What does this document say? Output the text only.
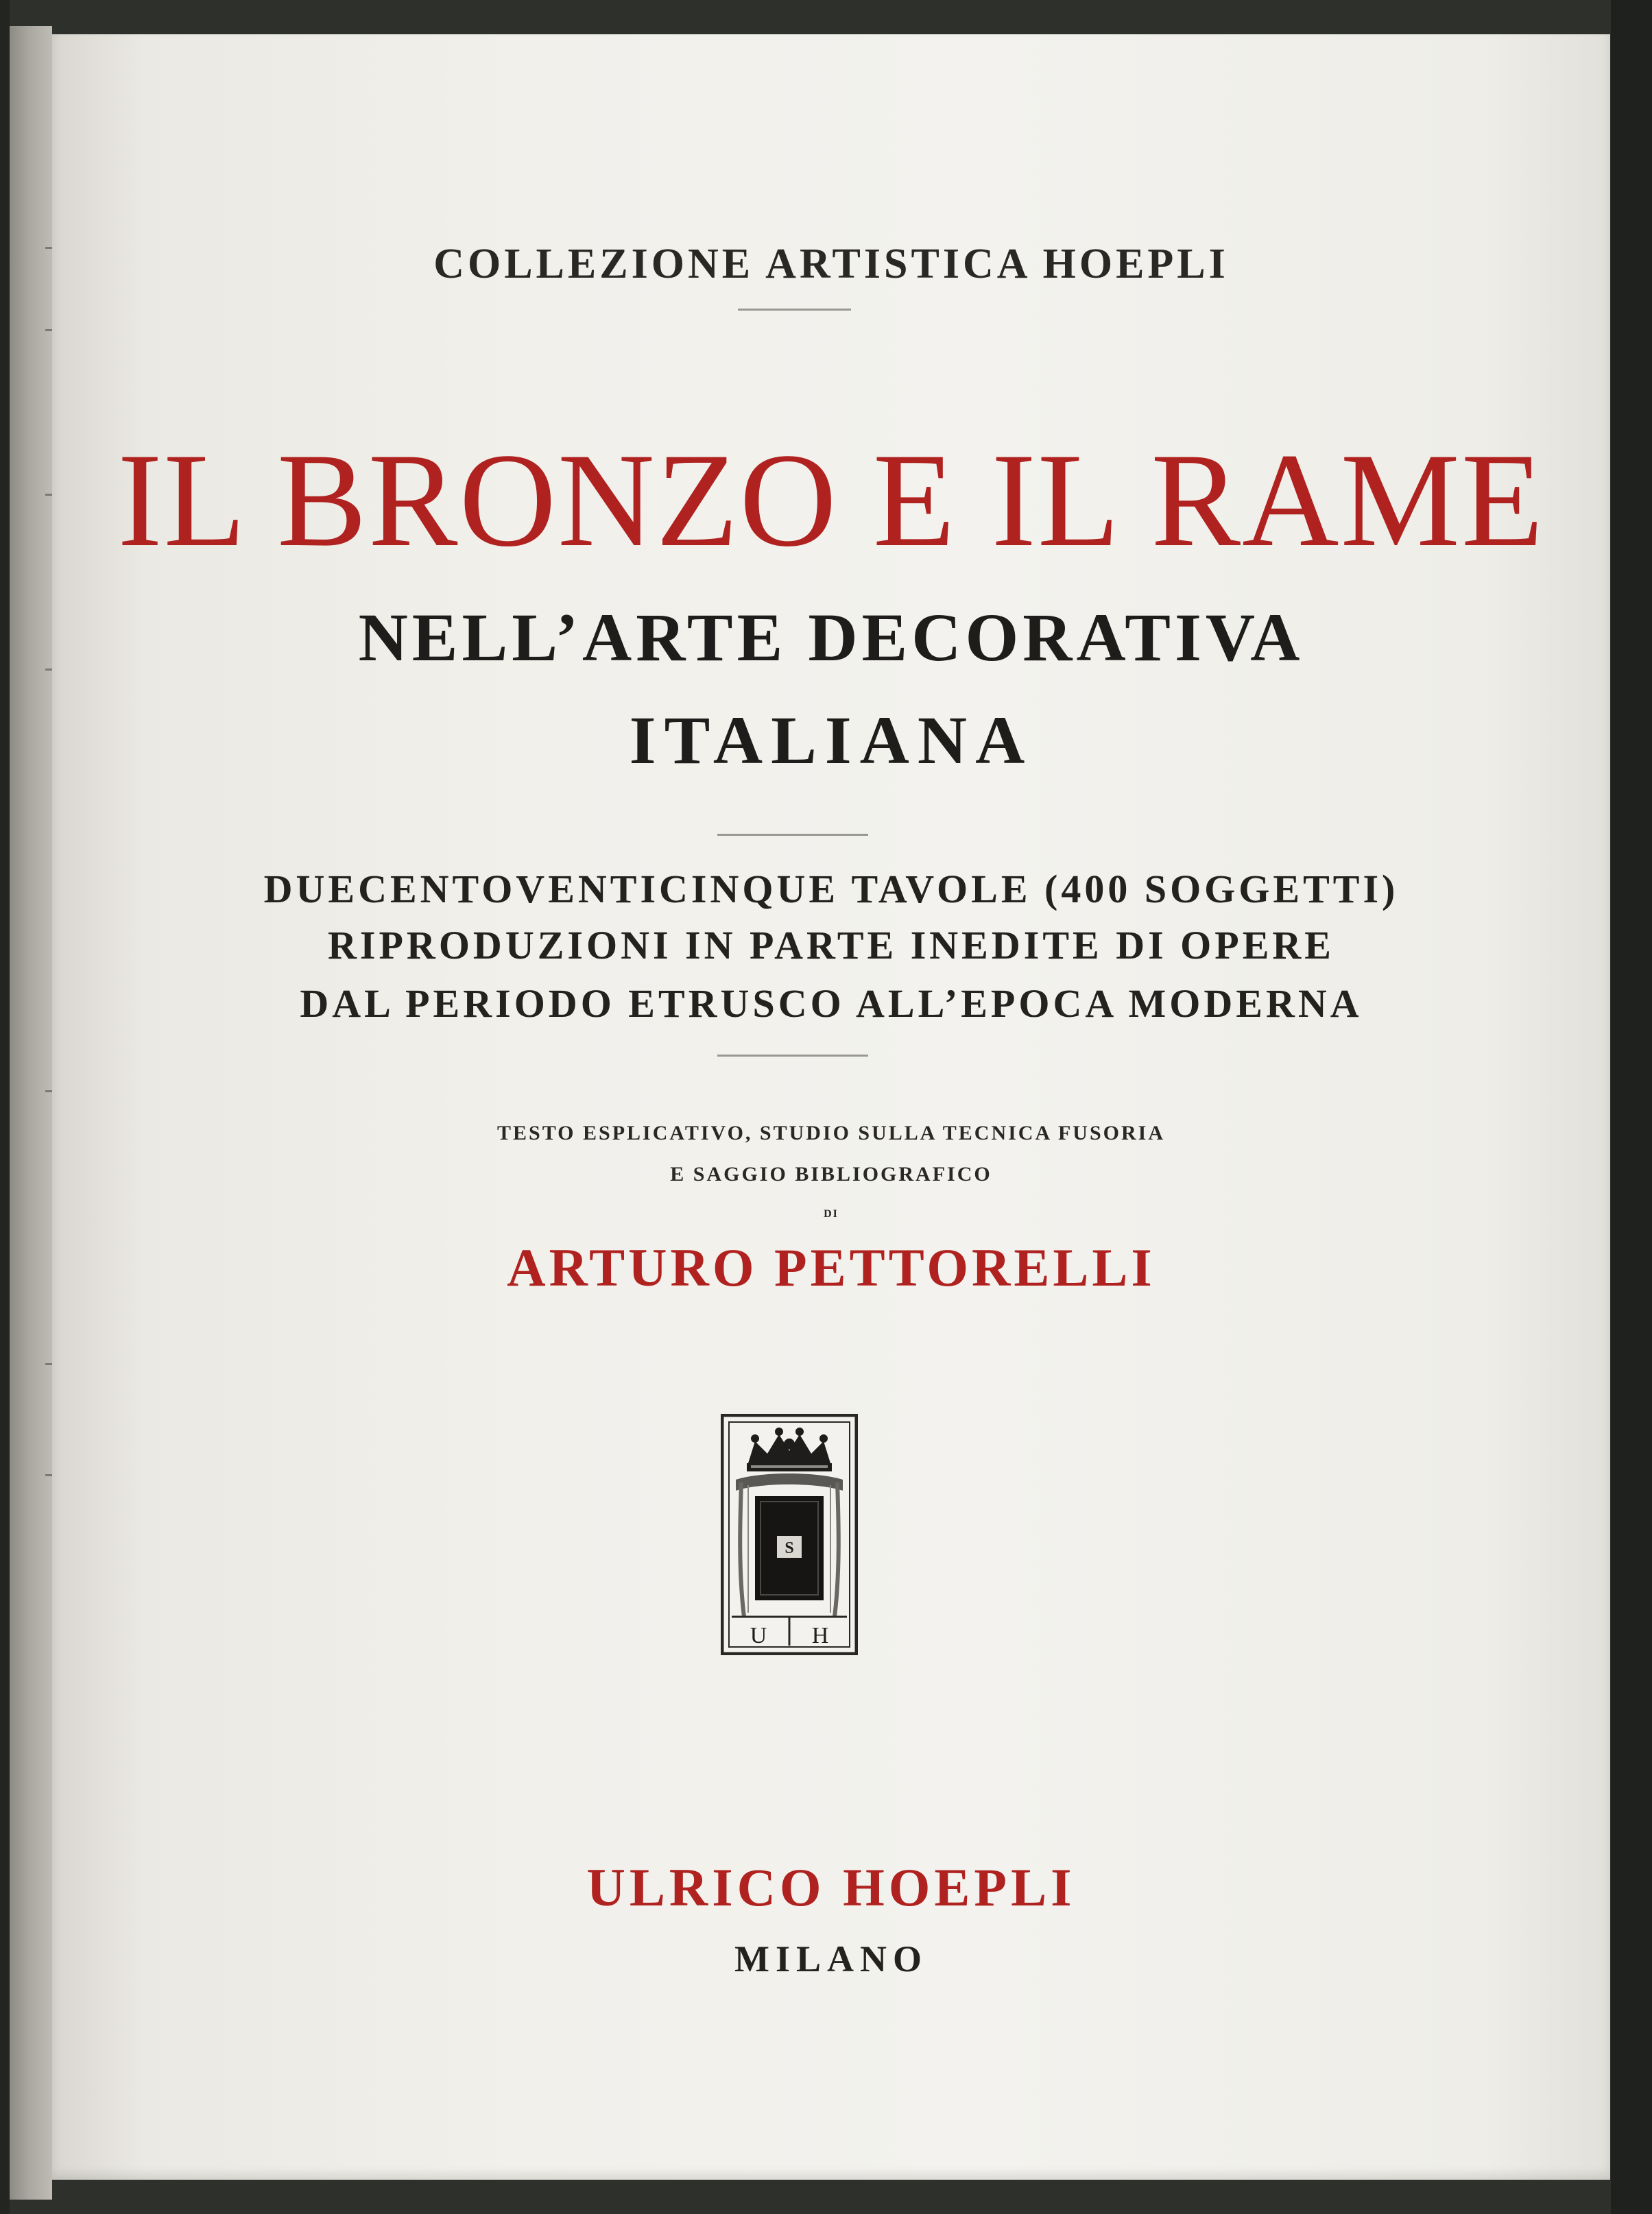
COLLEZIONE ARTISTICA HOEPLI
IL BRONZO E IL RAME
NELL’ARTE DECORATIVA
ITALIANA
DUECENTOVENTICINQUE TAVOLE (400 SOGGETTI)
RIPRODUZIONI IN PARTE INEDITE DI OPERE
DAL PERIODO ETRUSCO ALL’EPOCA MODERNA
TESTO ESPLICATIVO, STUDIO SULLA TECNICA FUSORIA
E SAGGIO BIBLIOGRAFICO
DI
ARTURO PETTORELLI
S
U H
ULRICO HOEPLI
MILANO
